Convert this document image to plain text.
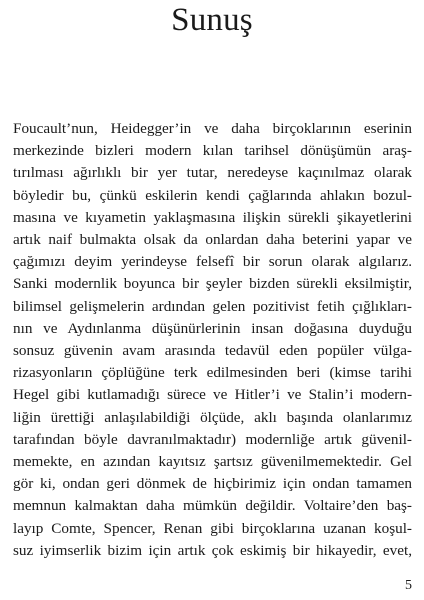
Sunuş
Foucault’nun, Heidegger’in ve daha birçoklarının eserinin
merkezinde bizleri modern kılan tarihsel dönüşümün araş-
tırılması ağırlıklı bir yer tutar, neredeyse kaçınılmaz olarak
böyledir bu, çünkü eskilerin kendi çağlarında ahlakın bozul-
masına ve kıyametin yaklaşmasına ilişkin sürekli şikayetlerini
artık naif bulmakta olsak da onlardan daha beterini yapar ve
çağımızı deyim yerindeyse felsefî bir sorun olarak algılarız.
Sanki modernlik boyunca bir şeyler bizden sürekli eksilmiştir,
bilimsel gelişmelerin ardından gelen pozitivist fetih çığlıkları-
nın ve Aydınlanma düşünürlerinin insan doğasına duyduğu
sonsuz güvenin avam arasında tedavül eden popüler vülga-
rizasyonların çöplüğüne terk edilmesinden beri (kimse tarihi
Hegel gibi kutlamadığı sürece ve Hitler’i ve Stalin’i modern-
liğin ürettiği anlaşılabildiği ölçüde, aklı başında olanlarımız
tarafından böyle davranılmaktadır) modernliğe artık güvenil-
memekte, en azından kayıtsız şartsız güvenilmemektedir. Gel
gör ki, ondan geri dönmek de hiçbirimiz için ondan tamamen
memnun kalmaktan daha mümkün değildir. Voltaire’den baş-
layıp Comte, Spencer, Renan gibi birçoklarına uzanan koşul-
suz iyimserlik bizim için artık çok eskimiş bir hikayedir, evet,
5
